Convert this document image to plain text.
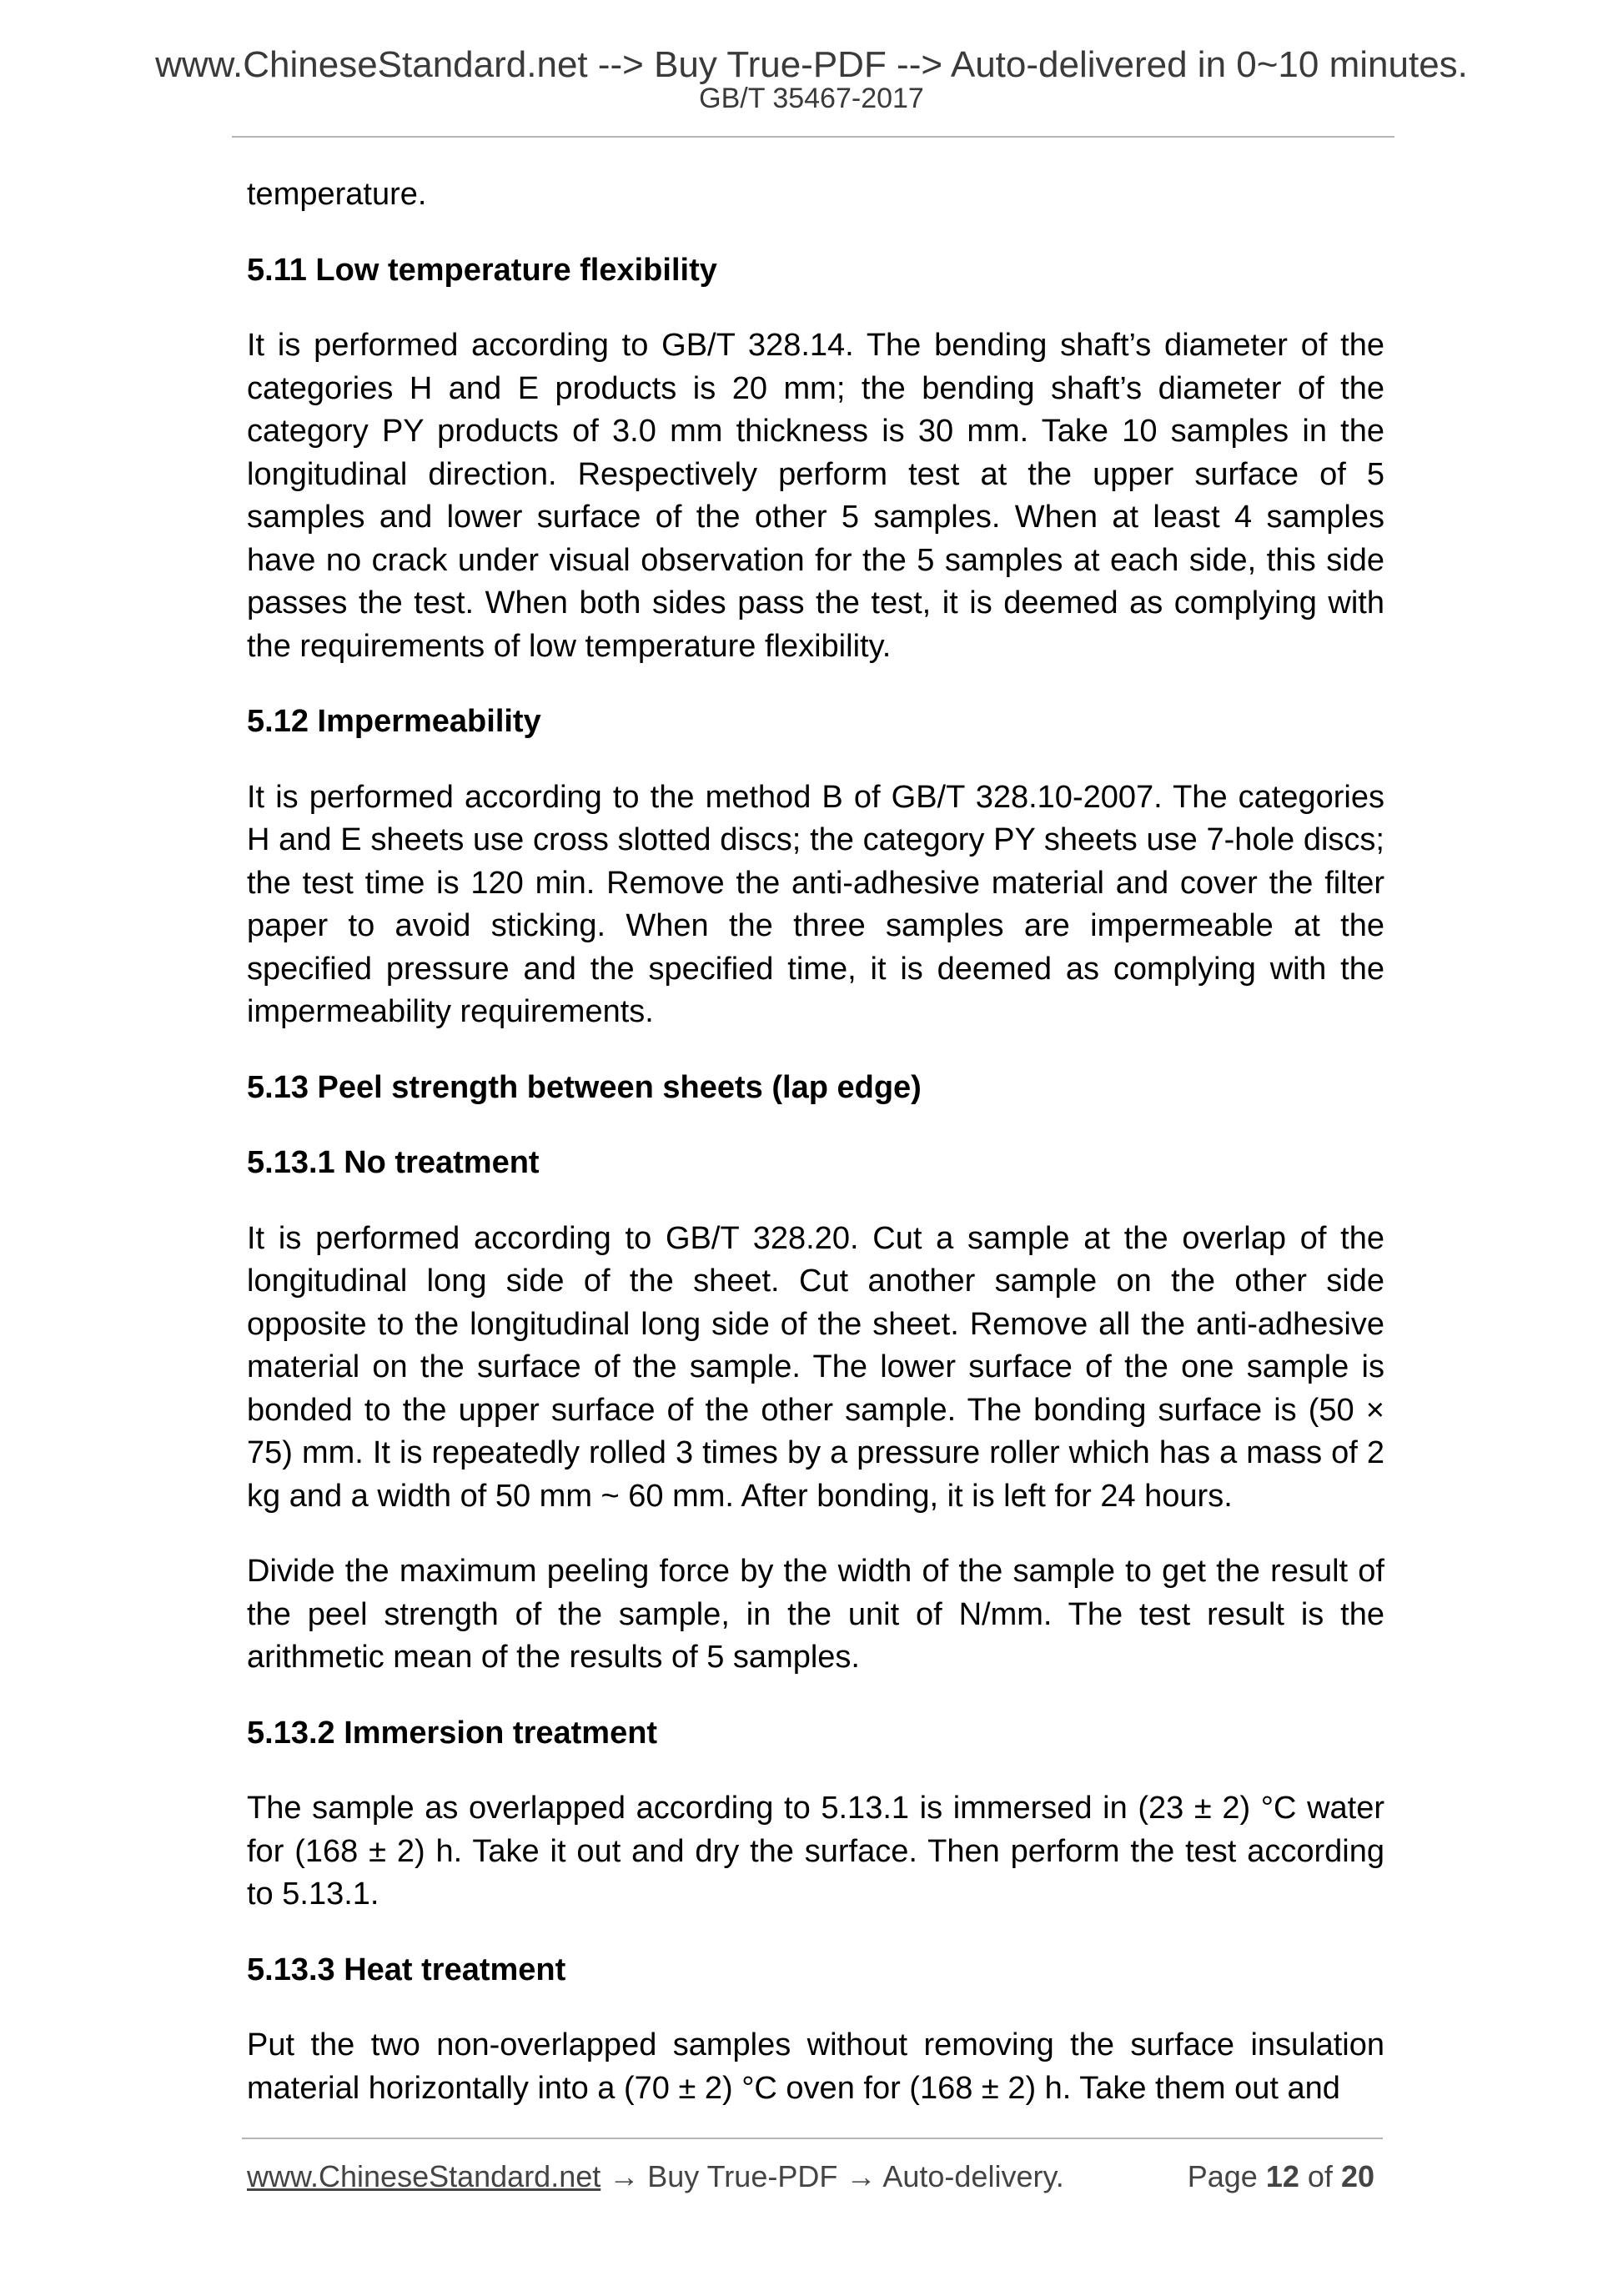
www.ChineseStandard.net --> Buy True-PDF --> Auto-delivered in 0~10 minutes.
GB/T 35467-2017

temperature.

5.11 Low temperature flexibility

It is performed according to GB/T 328.14. The bending shaft’s diameter of the categories H and E products is 20 mm; the bending shaft’s diameter of the category PY products of 3.0 mm thickness is 30 mm. Take 10 samples in the longitudinal direction. Respectively perform test at the upper surface of 5 samples and lower surface of the other 5 samples. When at least 4 samples have no crack under visual observation for the 5 samples at each side, this side passes the test. When both sides pass the test, it is deemed as complying with the requirements of low temperature flexibility.

5.12 Impermeability

It is performed according to the method B of GB/T 328.10-2007. The categories H and E sheets use cross slotted discs; the category PY sheets use 7-hole discs; the test time is 120 min. Remove the anti-adhesive material and cover the filter paper to avoid sticking. When the three samples are impermeable at the specified pressure and the specified time, it is deemed as complying with the impermeability requirements.

5.13 Peel strength between sheets (lap edge)

5.13.1 No treatment

It is performed according to GB/T 328.20. Cut a sample at the overlap of the longitudinal long side of the sheet. Cut another sample on the other side opposite to the longitudinal long side of the sheet. Remove all the anti-adhesive material on the surface of the sample. The lower surface of the one sample is bonded to the upper surface of the other sample. The bonding surface is (50 × 75) mm. It is repeatedly rolled 3 times by a pressure roller which has a mass of 2 kg and a width of 50 mm ~ 60 mm. After bonding, it is left for 24 hours.

Divide the maximum peeling force by the width of the sample to get the result of the peel strength of the sample, in the unit of N/mm. The test result is the arithmetic mean of the results of 5 samples.

5.13.2 Immersion treatment

The sample as overlapped according to 5.13.1 is immersed in (23 ± 2) °C water for (168 ± 2) h. Take it out and dry the surface. Then perform the test according to 5.13.1.

5.13.3 Heat treatment

Put the two non-overlapped samples without removing the surface insulation material horizontally into a (70 ± 2) °C oven for (168 ± 2) h. Take them out and

www.ChineseStandard.net → Buy True-PDF → Auto-delivery.	Page 12 of 20
